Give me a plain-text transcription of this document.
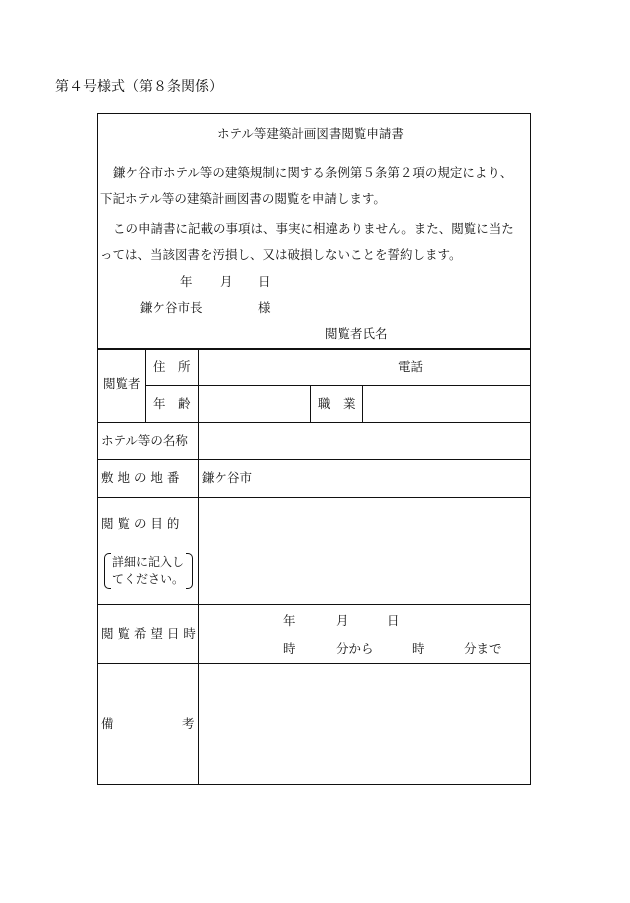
第４号様式（第８条関係）
ホテル等建築計画図書閲覧申請書
鎌ケ谷市ホテル等の建築規制に関する条例第５条第２項の規定により、
下記ホテル等の建築計画図書の閲覧を申請します。
この申請書に記載の事項は、事実に相違ありません。また、閲覧に当た
っては、当該図書を汚損し、又は破損しないことを誓約します。
年 月 日
鎌ケ谷市長	様
閲覧者氏名
閲覧者
住　所	電話
年　齢	職　業
ホテル等の名称
敷 地 の 地 番 鎌ケ谷市
閲 覧 の 目 的
詳細に記入し
てください。
閲 覧 希 望 日 時
年	月	日
時	分から	時	分まで
備	考
